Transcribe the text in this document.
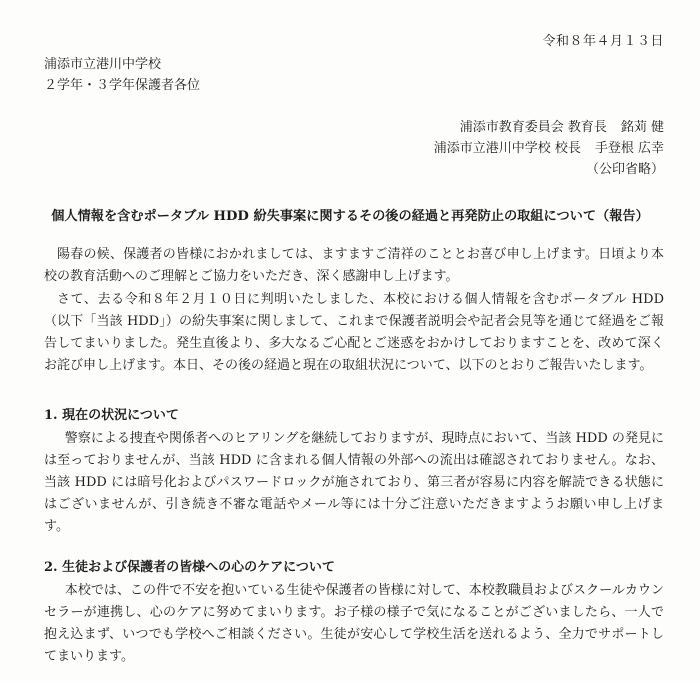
令和８年４月１３日
浦添市立港川中学校
２学年・３学年保護者各位
浦添市教育委員会 教育長 銘苅 健
浦添市立港川中学校 校長 手登根 広幸
（公印省略）
個人情報を含むポータブル HDD 紛失事案に関するその後の経過と再発防止の取組について（報告）

陽春の候、保護者の皆様におかれましては、ますますご清祥のこととお喜び申し上げます。日頃より本校の教育活動へのご理解とご協力をいただき、深く感謝申し上げます。

さて、去る令和８年２月１０日に判明いたしました、本校における個人情報を含むポータブル HDD（以下「当該 HDD」）の紛失事案に関しまして、これまで保護者説明会や記者会見等を通じて経過をご報告してまいりました。発生直後より、多大なるご心配とご迷惑をおかけしておりますことを、改めて深くお詫び申し上げます。本日、その後の経過と現在の取組状況について、以下のとおりご報告いたします。

1. 現在の状況について

警察による捜査や関係者へのヒアリングを継続しておりますが、現時点において、当該 HDD の発見には至っておりませんが、当該 HDD に含まれる個人情報の外部への流出は確認されておりません。なお、当該 HDD には暗号化およびパスワードロックが施されており、第三者が容易に内容を解読できる状態にはございませんが、引き続き不審な電話やメール等には十分ご注意いただきますようお願い申し上げます。

2. 生徒および保護者の皆様への心のケアについて

本校では、この件で不安を抱いている生徒や保護者の皆様に対して、本校教職員およびスクールカウンセラーが連携し、心のケアに努めてまいります。お子様の様子で気になることがございましたら、一人で抱え込まず、いつでも学校へご相談ください。生徒が安心して学校生活を送れるよう、全力でサポートしてまいります。
